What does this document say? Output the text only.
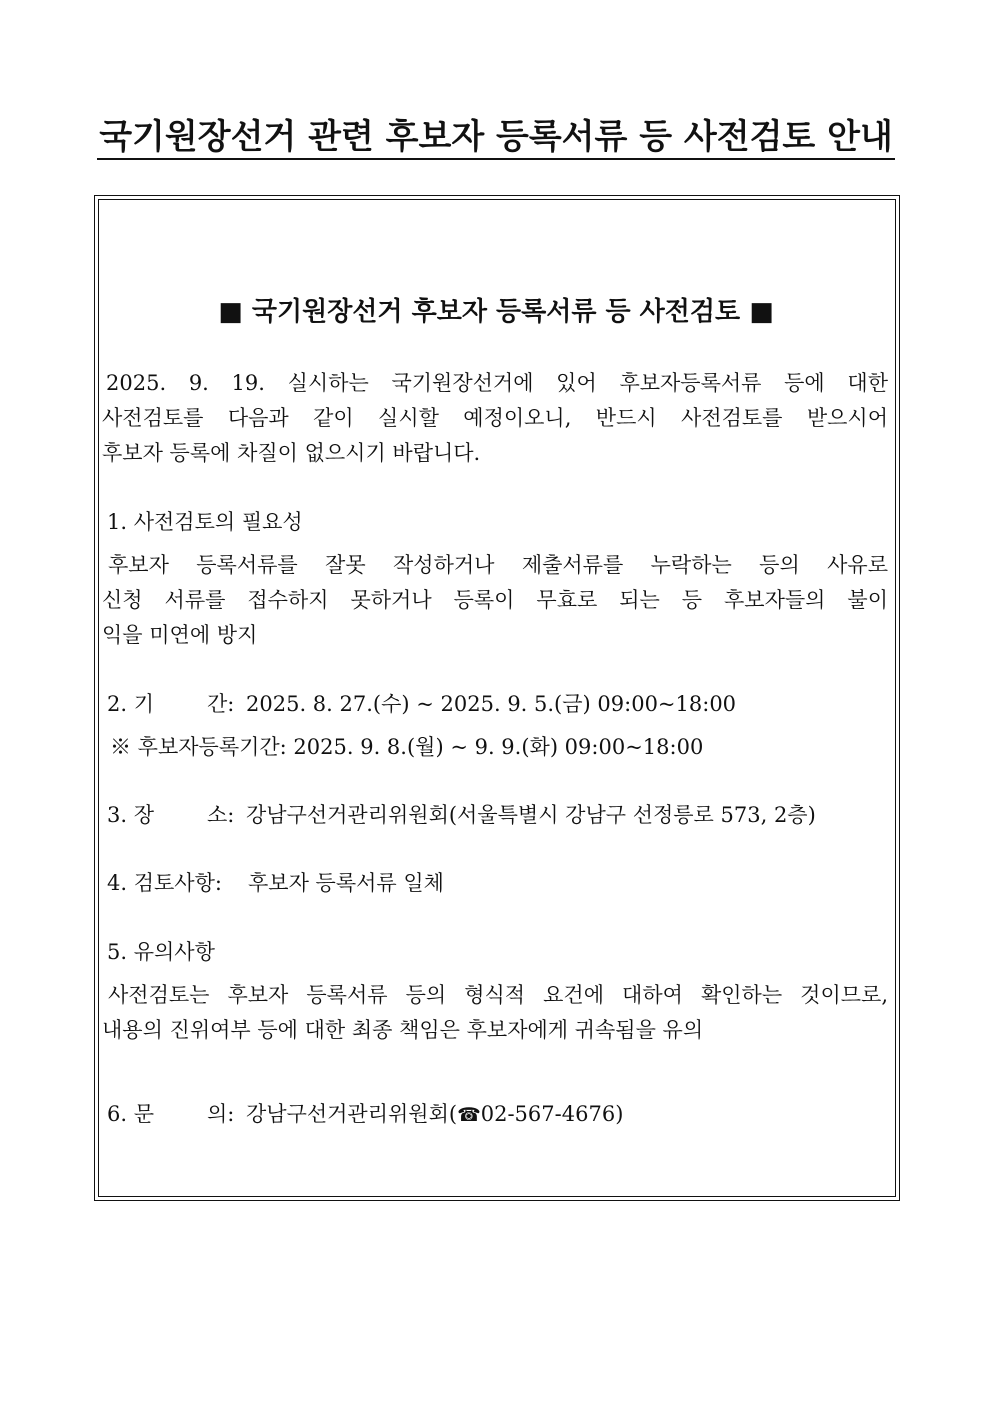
국기원장선거 관련 후보자 등록서류 등 사전검토 안내
■ 국기원장선거 후보자 등록서류 등 사전검토 ■
2025. 9. 19. 실시하는 국기원장선거에 있어 후보자등록서류 등에 대한
사전검토를 다음과 같이 실시할 예정이오니, 반드시 사전검토를 받으시어
후보자 등록에 차질이 없으시기 바랍니다.
1. 사전검토의 필요성
후보자 등록서류를 잘못 작성하거나 제출서류를 누락하는 등의 사유로
신청 서류를 접수하지 못하거나 등록이 무효로 되는 등 후보자들의 불이
익을 미연에 방지
2. 기	간: 2025. 8. 27.(수) ~ 2025. 9. 5.(금) 09:00~18:00
※ 후보자등록기간: 2025. 9. 8.(월) ~ 9. 9.(화) 09:00~18:00
3. 장	소: 강남구선거관리위원회(서울특별시 강남구 선정릉로 573, 2층)
4. 검토사항: 후보자 등록서류 일체
5. 유의사항
사전검토는 후보자 등록서류 등의 형식적 요건에 대하여 확인하는 것이므로,
내용의 진위여부 등에 대한 최종 책임은 후보자에게 귀속됨을 유의
6. 문	의: 강남구선거관리위원회(☎02-567-4676)
